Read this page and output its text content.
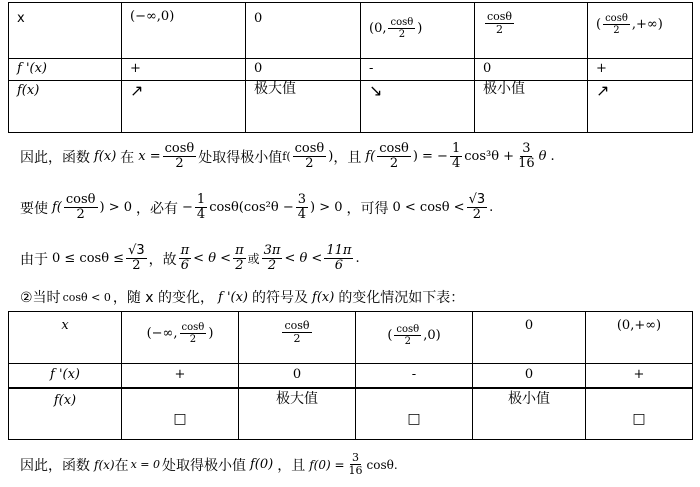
x	(−∞,0)	0	(0, $\frac{\cos\theta}{2}$ )	$\frac{\cos\theta}{2}$	( $\frac{\cos\theta}{2}$ ,+∞)
f '(x)	+	0	-	0	+
f(x)	↗	极大值	↘	极小值	↗
因此，函数 f(x) 在 $x = \frac{\cos\theta}{2}$ 处取得极小值 $f( \frac{\cos\theta}{2}$ ) ，且 $f( \frac{\cos\theta}{2}$ ) = − $\frac{1}{4} \cos^3\theta + \frac{3}{16}$ θ .
要使 $f( \frac{\cos\theta}{2}$ ) > 0 ，必有 − $\frac{1}{4} \cos\theta(\cos^2\theta - \frac{3}{4}$ ) > 0 ，可得 $0 < \cos\theta < \frac{√3}{2}$ .
由于 $0 \le \cos\theta \le \frac{√3}{2}$ ，故 $\frac{\pi}{6} < \theta < \frac{\pi}{2}$ 或 $\frac{3\pi}{2} < \theta < \frac{11\pi}{6}$ .
②当时 cosθ < 0 ，随 x 的变化， f '(x) 的符号及 f(x) 的变化情况如下表：
x	(−∞, $\frac{\cos\theta}{2}$ )	$\frac{\cos\theta}{2}$	( $\frac{\cos\theta}{2} ,0$)	0	(0,+∞)
f '(x)	+	0	-	0	+
f(x)	□	极大值	□	极小值	□
因此，函数 f(x) 在 x = 0 处取得极小值 f(0) ，且 $f(0) = \frac{3}{16} \cos\theta$.
